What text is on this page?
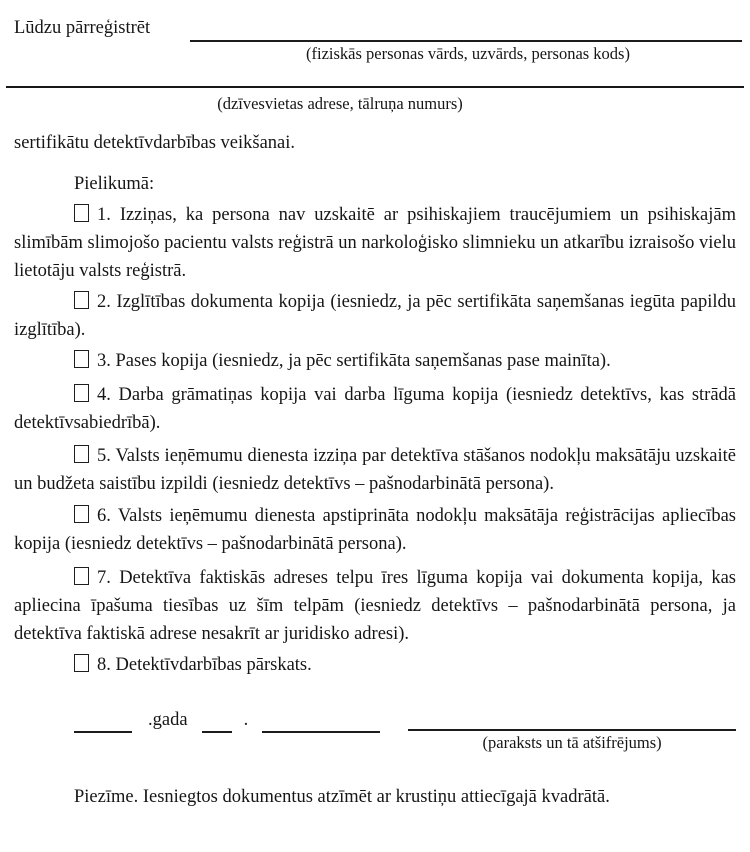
Lūdzu pārreģistrēt
(fiziskās personas vārds, uzvārds, personas kods)
(dzīvesvietas adrese, tālruņa numurs)
sertifikātu detektīvdarbības veikšanai.
Pielikumā:
1. Izziņas, ka persona nav uzskaitē ar psihiskajiem traucējumiem un psihiskajām slimībām slimojošo pacientu valsts reģistrā un narkoloģisko slimnieku un atkarību izraisošo vielu lietotāju valsts reģistrā.
2. Izglītības dokumenta kopija (iesniedz, ja pēc sertifikāta saņemšanas iegūta papildu izglītība).
3. Pases kopija (iesniedz, ja pēc sertifikāta saņemšanas pase mainīta).
4. Darba grāmatiņas kopija vai darba līguma kopija (iesniedz detektīvs, kas strādā detektīvsabiedrībā).
5. Valsts ieņēmumu dienesta izziņa par detektīva stāšanos nodokļu maksātāju uzskaitē un budžeta saistību izpildi (iesniedz detektīvs – pašnodarbinātā persona).
6. Valsts ieņēmumu dienesta apstiprināta nodokļu maksātāja reģistrācijas apliecības kopija (iesniedz detektīvs – pašnodarbinātā persona).
7. Detektīva faktiskās adreses telpu īres līguma kopija vai dokumenta kopija, kas apliecina īpašuma tiesības uz šīm telpām (iesniedz detektīvs – pašnodarbinātā persona, ja detektīva faktiskā adrese nesakrīt ar juridisko adresi).
8. Detektīvdarbības pārskats.
.gada	.
(paraksts un tā atšifrējums)
Piezīme. Iesniegtos dokumentus atzīmēt ar krustiņu attiecīgajā kvadrātā.
